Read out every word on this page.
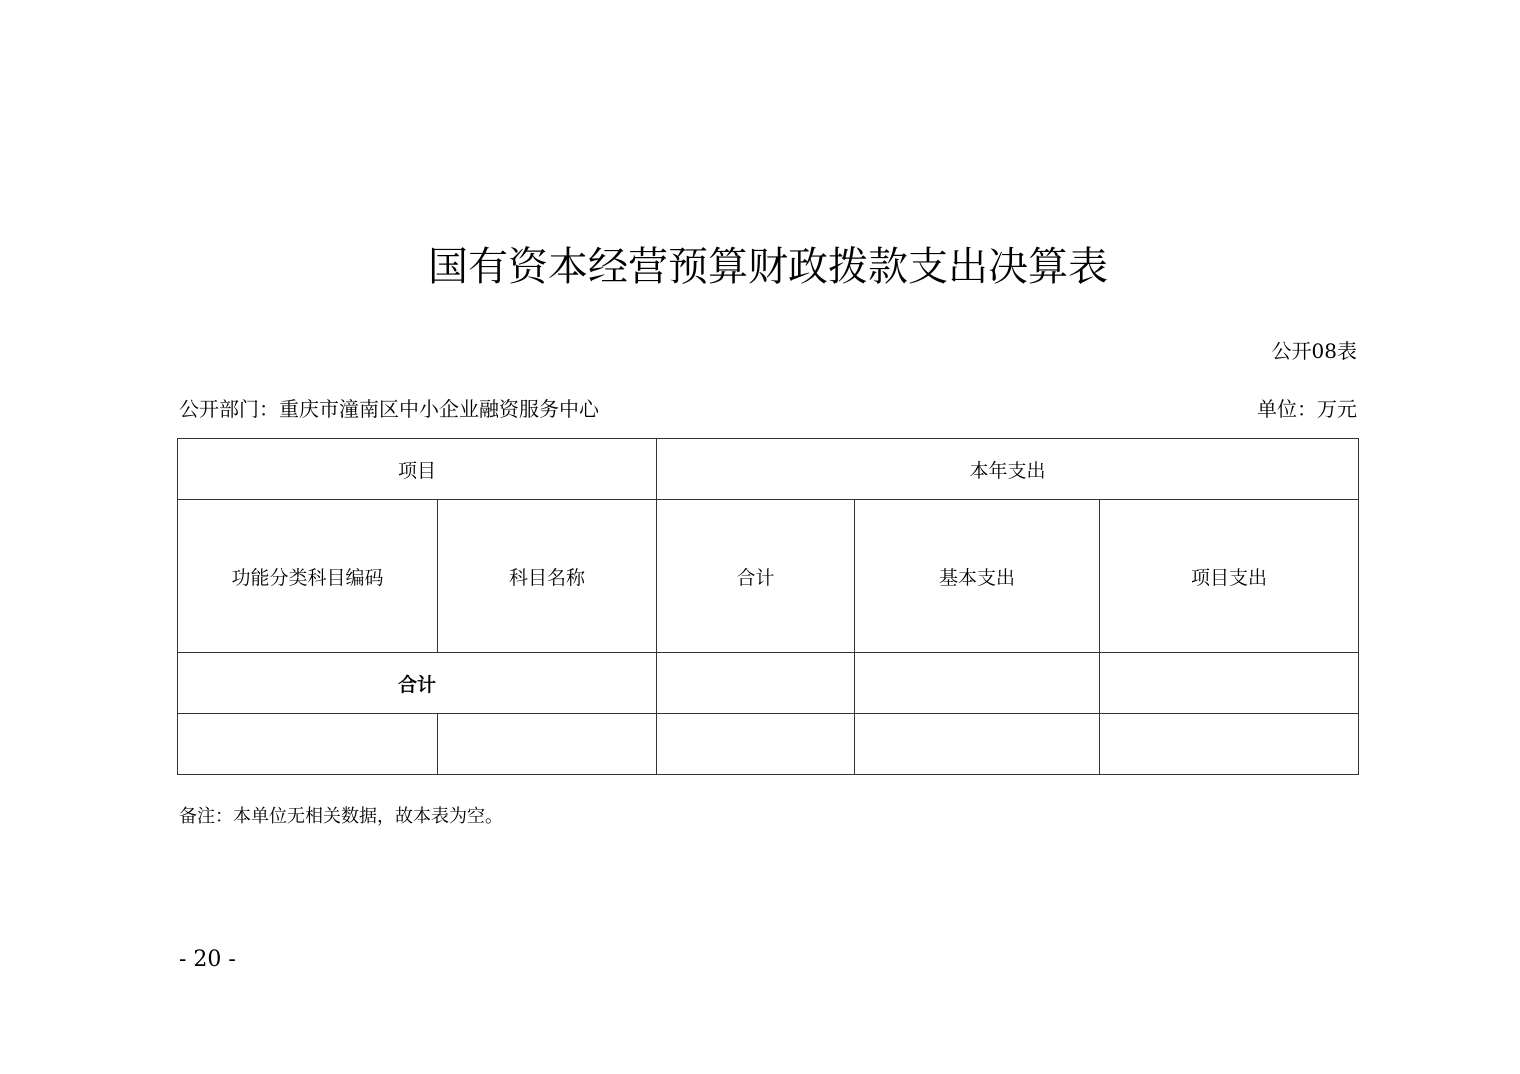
国有资本经营预算财政拨款支出决算表
公开08表
公开部门：重庆市潼南区中小企业融资服务中心	单位：万元
项目		本年支出		
功能分类科目编码	科目名称	合计	基本支出	项目支出
合计				

备注：本单位无相关数据，故本表为空。
- 20 -
